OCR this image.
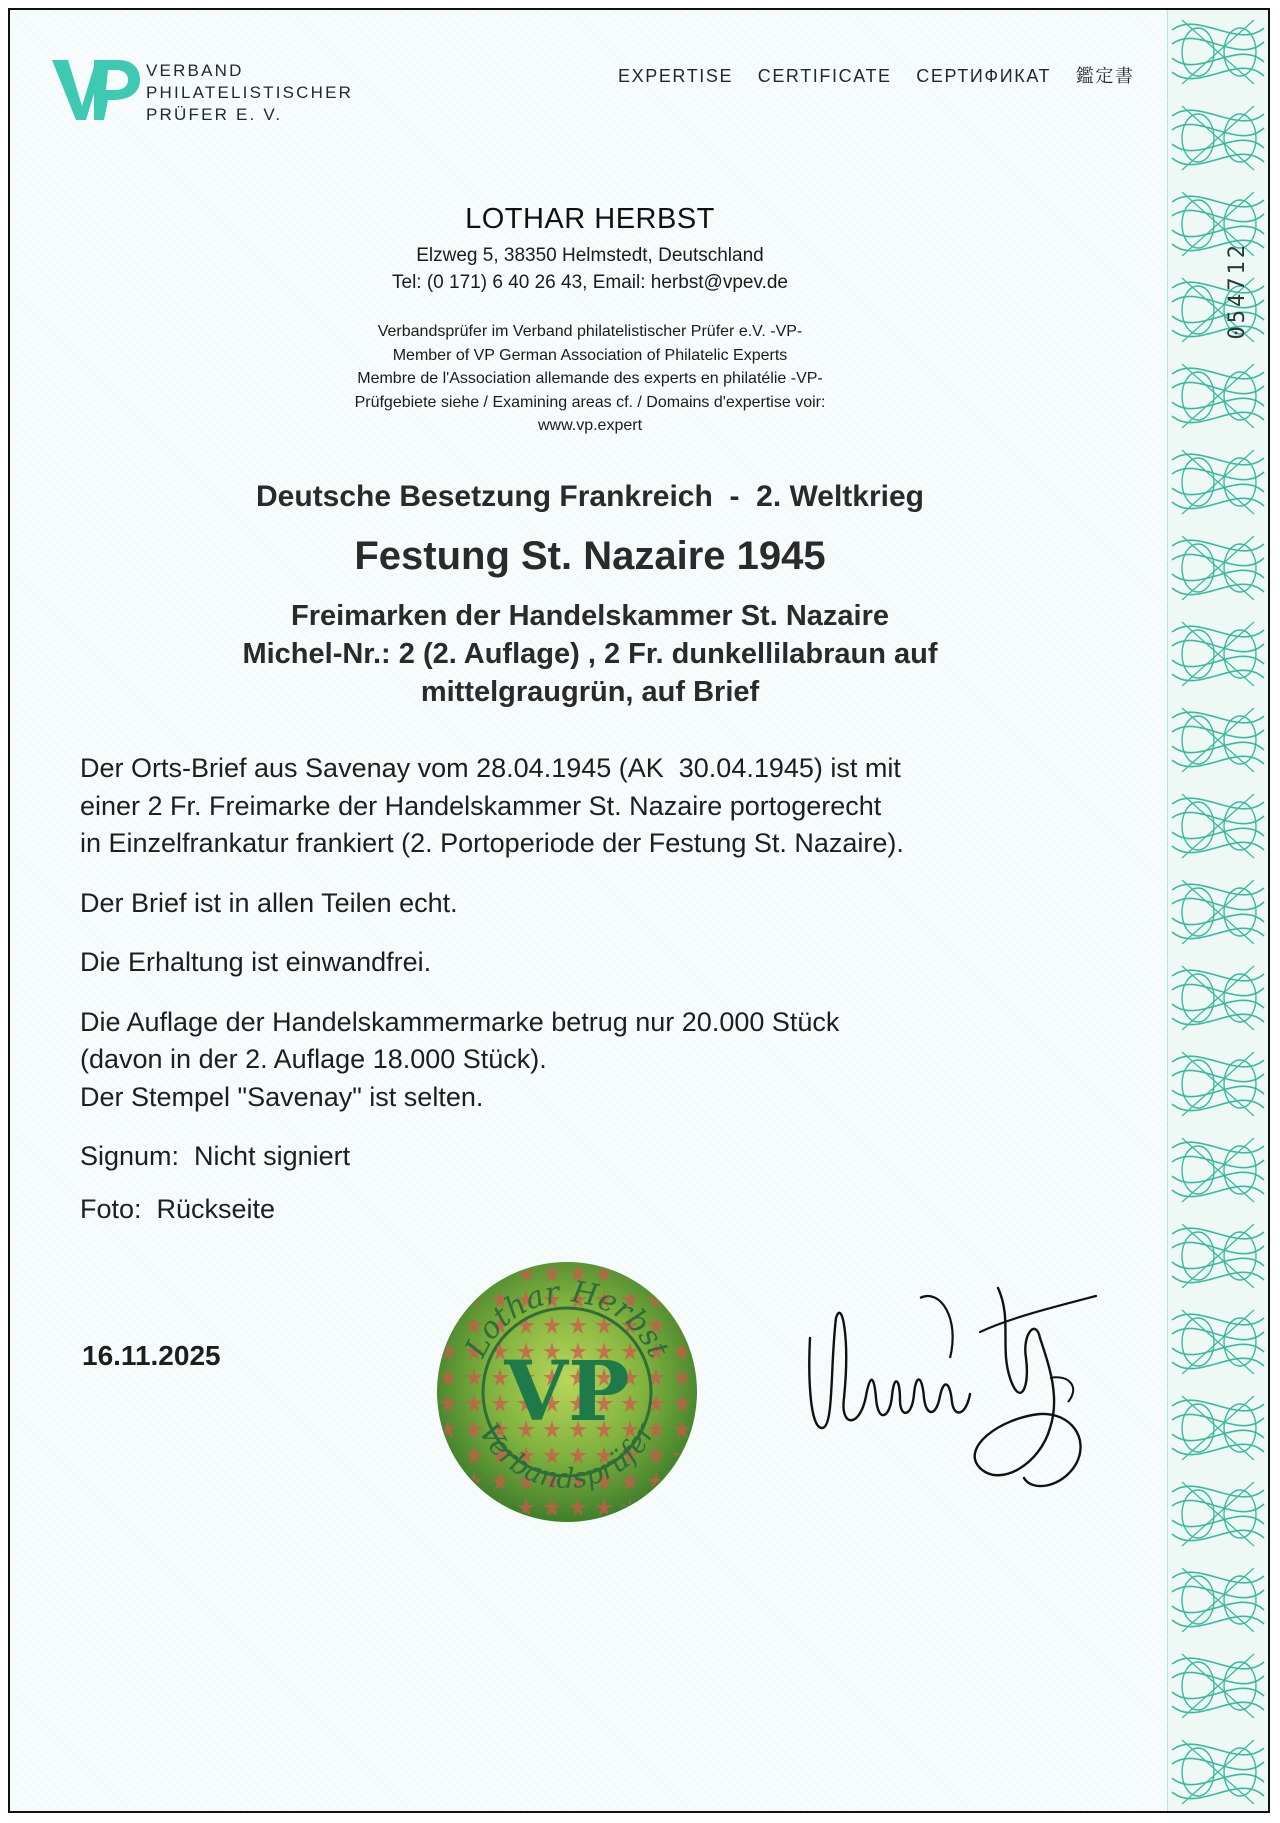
054712
VERBAND
PHILATELISTISCHER
PRÜFER E. V.
EXPERTISE CERTIFICATE СЕРТИФИКАТ 鑑定書
LOTHAR HERBST
Elzweg 5, 38350 Helmstedt, Deutschland
Tel: (0 171) 6 40 26 43, Email: herbst@vpev.de
Verbandsprüfer im Verband philatelistischer Prüfer e.V. -VP-
Member of VP German Association of Philatelic Experts
Membre de l'Association allemande des experts en philatélie -VP-
Prüfgebiete siehe / Examining areas cf. / Domains d'expertise voir:
www.vp.expert
Deutsche Besetzung Frankreich  -  2. Weltkrieg
Festung St. Nazaire 1945
Freimarken der Handelskammer St. Nazaire
Michel-Nr.: 2 (2. Auflage) , 2 Fr. dunkellilabraun auf
mittelgraugrün, auf Brief

Der Orts-Brief aus Savenay vom 28.04.1945 (AK  30.04.1945) ist mit

einer 2 Fr. Freimarke der Handelskammer St. Nazaire portogerecht

in Einzelfrankatur frankiert (2. Portoperiode der Festung St. Nazaire).

Der Brief ist in allen Teilen echt.

Die Erhaltung ist einwandfrei.

Die Auflage der Handelskammermarke betrug nur 20.000 Stück

(davon in der 2. Auflage 18.000 Stück).

Der Stempel "Savenay" ist selten.

Signum:  Nicht signiert

Foto:  Rückseite

16.11.2025	Lothar Herbst
Verbandsprüfer
VP
